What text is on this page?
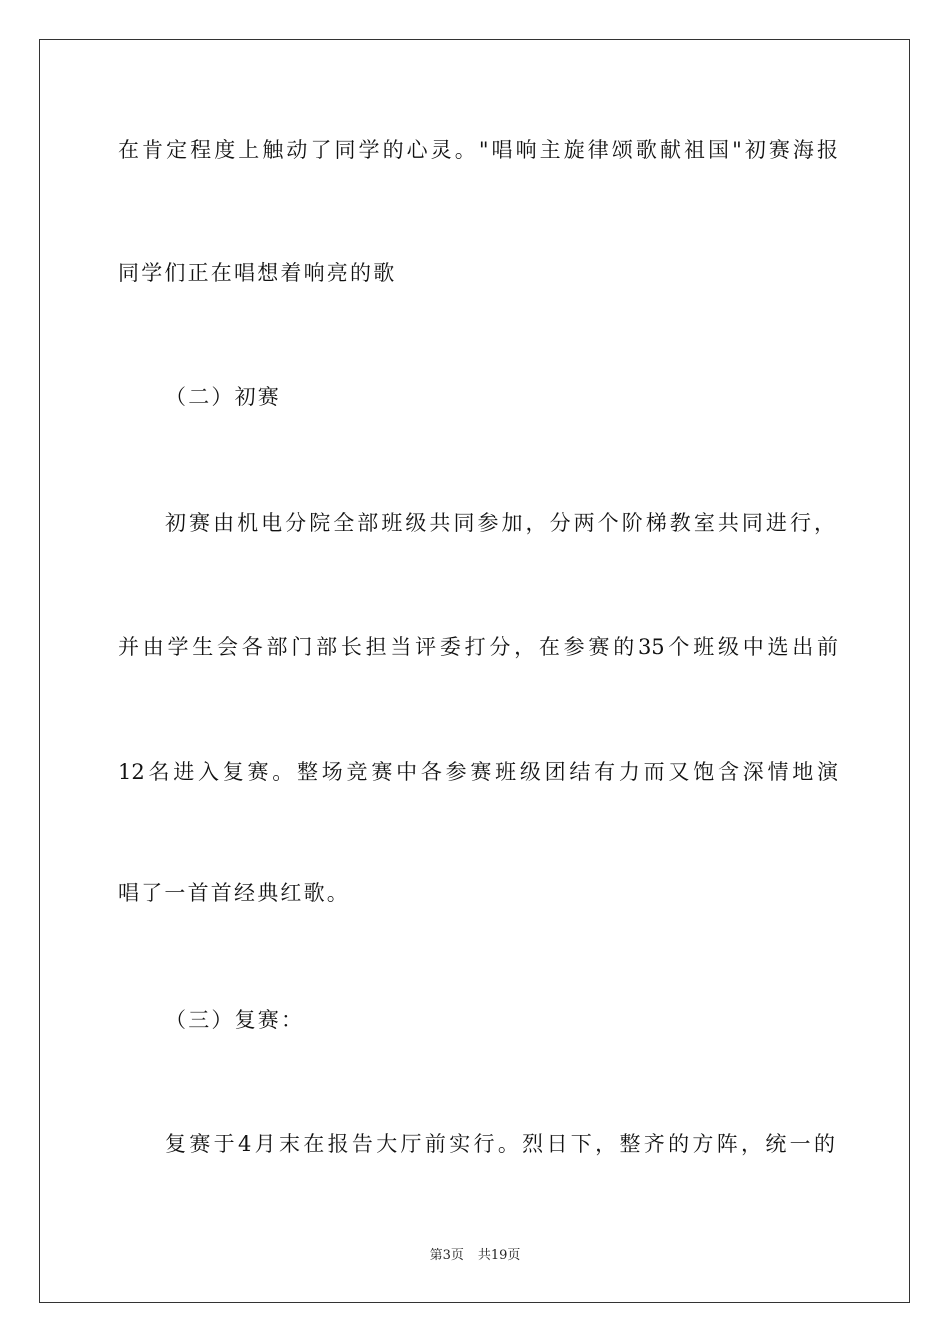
在肯定程度上触动了同学的心灵。"唱响主旋律颂歌献祖国"初赛海报
同学们正在唱想着响亮的歌
（二）初赛
初赛由机电分院全部班级共同参加，分两个阶梯教室共同进行，
并由学生会各部门部长担当评委打分，在参赛的35个班级中选出前
12名进入复赛。整场竞赛中各参赛班级团结有力而又饱含深情地演
唱了一首首经典红歌。
（三）复赛：
复赛于4月末在报告大厅前实行。烈日下，整齐的方阵，统一的
第3页 共19页
